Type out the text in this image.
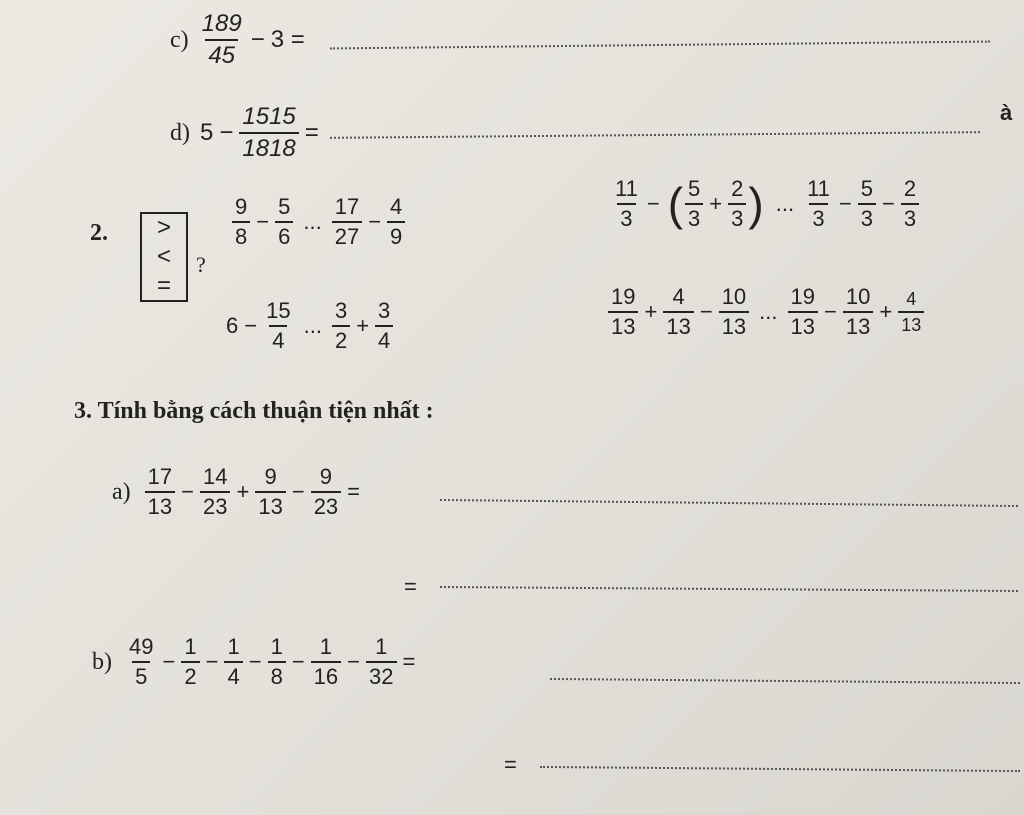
$c) \frac{189}{45} - 3$ =
d) $5 - \frac{1515}{1818}$ =
à
2.	>
<
=
?
$\frac{9}{8} - \frac{5}{6}$ ... $\frac{17}{27} - \frac{4}{9}$	$\frac{11}{3}$ − ( $\frac{5}{3} + \frac{2}{3}$ ) ... $\frac{11}{3} - \frac{5}{3} - \frac{2}{3}$
$6 - \frac{15}{4}$ ... $\frac{3}{2} + \frac{3}{4}$	$\frac{19}{13} + \frac{4}{13} - \frac{10}{13}$ ... $\frac{19}{13} - \frac{10}{13} + \frac{4}{13}$
3. Tính bằng cách thuận tiện nhất :
$a) \frac{17}{13} - \frac{14}{23} + \frac{9}{13} - \frac{9}{23}$ =
=
$b) \frac{49}{5} - \frac{1}{2} - \frac{1}{4} - \frac{1}{8} - \frac{1}{16} - \frac{1}{32}$ =
=
